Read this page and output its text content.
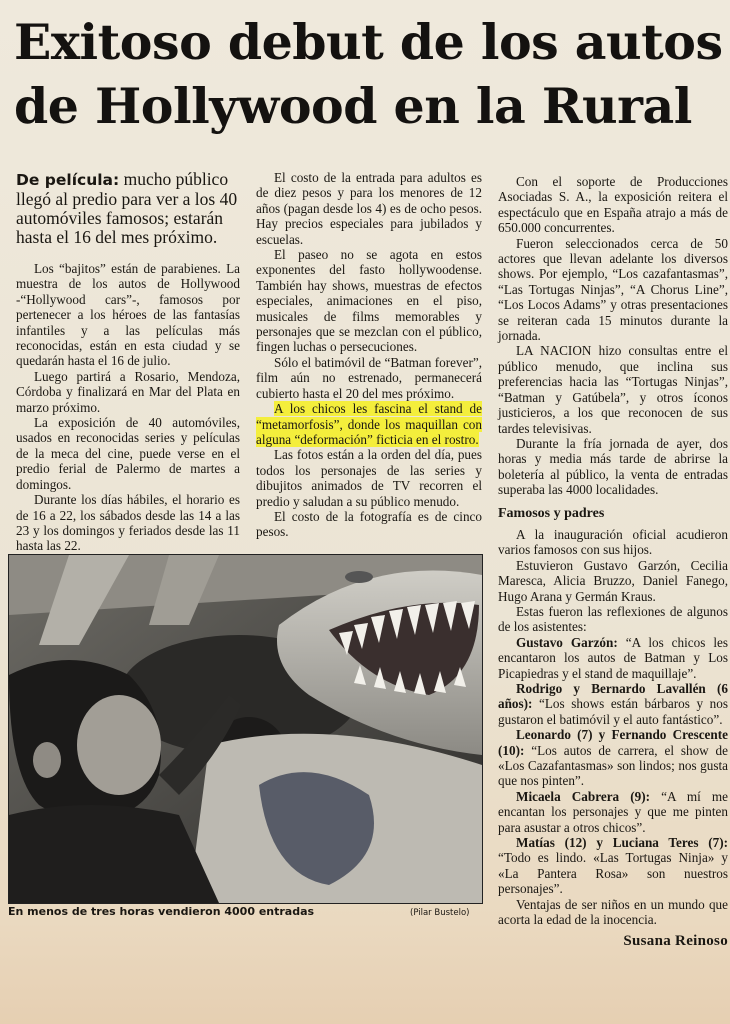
Exitoso debut de los autos de Hollywood en la Rural

De película: mucho público llegó al predio para ver a los 40 automóviles famosos; estarán hasta el 16 del mes próximo.

Los “bajitos” están de parabienes. La muestra de los autos de Hollywood -“Hollywood cars”-, famosos por pertenecer a los héroes de las fantasías infantiles y a las películas más reconocidas, están en esta ciudad y se quedarán hasta el 16 de julio.

Luego partirá a Rosario, Mendoza, Córdoba y finalizará en Mar del Plata en marzo próximo.

La exposición de 40 automóviles, usados en reconocidas series y películas de la meca del cine, puede verse en el predio ferial de Palermo de martes a domingos.

Durante los días hábiles, el horario es de 16 a 22, los sábados desde las 14 a las 23 y los domingos y feriados desde las 11 hasta las 22.

El costo de la entrada para adultos es de diez pesos y para los menores de 12 años (pagan desde los 4) es de ocho pesos. Hay precios especiales para jubilados y escuelas.

El paseo no se agota en estos exponentes del fasto hollywoodense. También hay shows, muestras de efectos especiales, animaciones en el piso, musicales de films memorables y personajes que se mezclan con el público, fingen luchas o persecuciones.

Sólo el batimóvil de “Batman forever”, film aún no estrenado, permanecerá cubierto hasta el 20 del mes próximo.

A los chicos les fascina el stand de “metamorfosis”, donde los maquillan con alguna “deformación” ficticia en el rostro.

Las fotos están a la orden del día, pues todos los personajes de las series y dibujitos animados de TV recorren el predio y saludan a su público menudo.

El costo de la fotografía es de cinco pesos.

Con el soporte de Producciones Asociadas S. A., la exposición reitera el espectáculo que en España atrajo a más de 650.000 concurrentes.

Fueron seleccionados cerca de 50 actores que llevan adelante los diversos shows. Por ejemplo, “Los cazafantasmas”, “Las Tortugas Ninjas”, “A Chorus Line”, “Los Locos Adams” y otras presentaciones se reiteran cada 15 minutos durante la jornada.

LA NACION hizo consultas entre el público menudo, que inclina sus preferencias hacia las “Tortugas Ninjas”, “Batman y Gatúbela”, y otros íconos justicieros, a los que reconocen de sus tardes televisivas.

Durante la fría jornada de ayer, dos horas y media más tarde de abrirse la boletería al público, la venta de entradas superaba las 4000 localidades.

Famosos y padres

A la inauguración oficial acudieron varios famosos con sus hijos.

Estuvieron Gustavo Garzón, Cecilia Maresca, Alicia Bruzzo, Daniel Fanego, Hugo Arana y Germán Kraus.

Estas fueron las reflexiones de algunos de los asistentes:

Gustavo Garzón: “A los chicos les encantaron los autos de Batman y Los Picapiedras y el stand de maquillaje”.

Rodrigo y Bernardo Lavallén (6 años): “Los shows están bárbaros y nos gustaron el batimóvil y el auto fantástico”.

Leonardo (7) y Fernando Crescente (10): “Los autos de carrera, el show de «Los Cazafantasmas» son lindos; nos gusta que nos pinten”.

Micaela Cabrera (9): “A mí me encantan los personajes y que me pinten para asustar a otros chicos”.

Matías (12) y Luciana Teres (7): “Todo es lindo. «Las Tortugas Ninja» y «La Pantera Rosa» son nuestros personajes”.

Ventajas de ser niños en un mundo que acorta la edad de la inocencia.

Susana Reinoso

En menos de tres horas vendieron 4000 entradas	(Pilar Bustelo)
